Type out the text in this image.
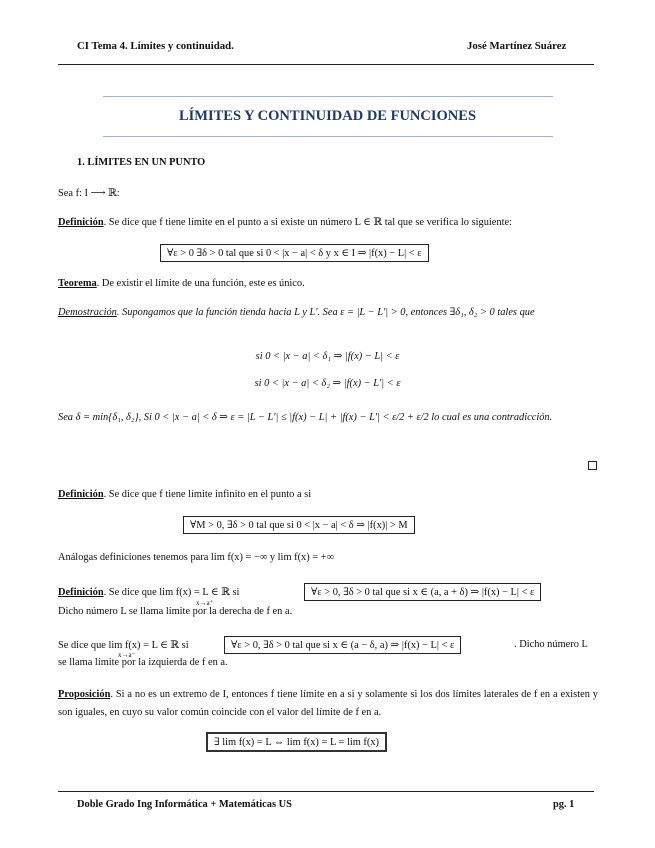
CI Tema 4. Límites y continuidad.	José Martínez Suárez
LÍMITES Y CONTINUIDAD DE FUNCIONES
1. LÍMITES EN UN PUNTO
Sea f: I ⟶ ℝ:
Definición. Se dice que f tiene límite en el punto a si existe un número L ∈ ℝ tal que se verifica lo siguiente:
∀ε > 0 ∃δ > 0 tal que si 0 < |x − a| < δ y x ∈ I ⇒ |f(x) − L| < ε
Teorema. De existir el límite de una función, este es único.
Demostración. Supongamos que la función tienda hacia L y L'. Sea ε = |L − L'| > 0, entonces ∃δ₁, δ₂ > 0 tales que
si 0 < |x − a| < δ₁ ⇒ |f(x) − L| < ε
si 0 < |x − a| < δ₂ ⇒ |f(x) − L'| < ε
Sea δ = min{δ₁, δ₂}, Si 0 < |x − a| < δ ⇒ ε = |L − L'| ≤ |f(x) − L| + |f(x) − L'| < ε/2 + ε/2 lo cual es una contradicción.
Definición. Se dice que f tiene límite infinito en el punto a si
∀M > 0, ∃δ > 0 tal que si 0 < |x − a| < δ ⇒ |f(x)| > M
Análogas definiciones tenemos para lim f(x) = −∞ y lim f(x) = +∞
Definición. Se dice que lim f(x) = L ∈ ℝ si
x→a⁺
∀ε > 0, ∃δ > 0 tal que si x ∈ (a, a + δ) ⇒ |f(x) − L| < ε
Dicho número L se llama límite por la derecha de f en a.
Se dice que lim f(x) = L ∈ ℝ si
x→a⁻
∀ε > 0, ∃δ > 0 tal que si x ∈ (a − δ, a) ⇒ |f(x) − L| < ε	. Dicho número L
se llama límite por la izquierda de f en a.
Proposición. Si a no es un extremo de I, entonces f tiene límite en a si y solamente si los dos límites laterales de f en a existen y son iguales, en cuyo su valor común coincide con el valor del límite de f en a.
∃ lim f(x) = L ⇔ lim f(x) = L = lim f(x)
Doble Grado Ing Informática + Matemáticas US	pg. 1
